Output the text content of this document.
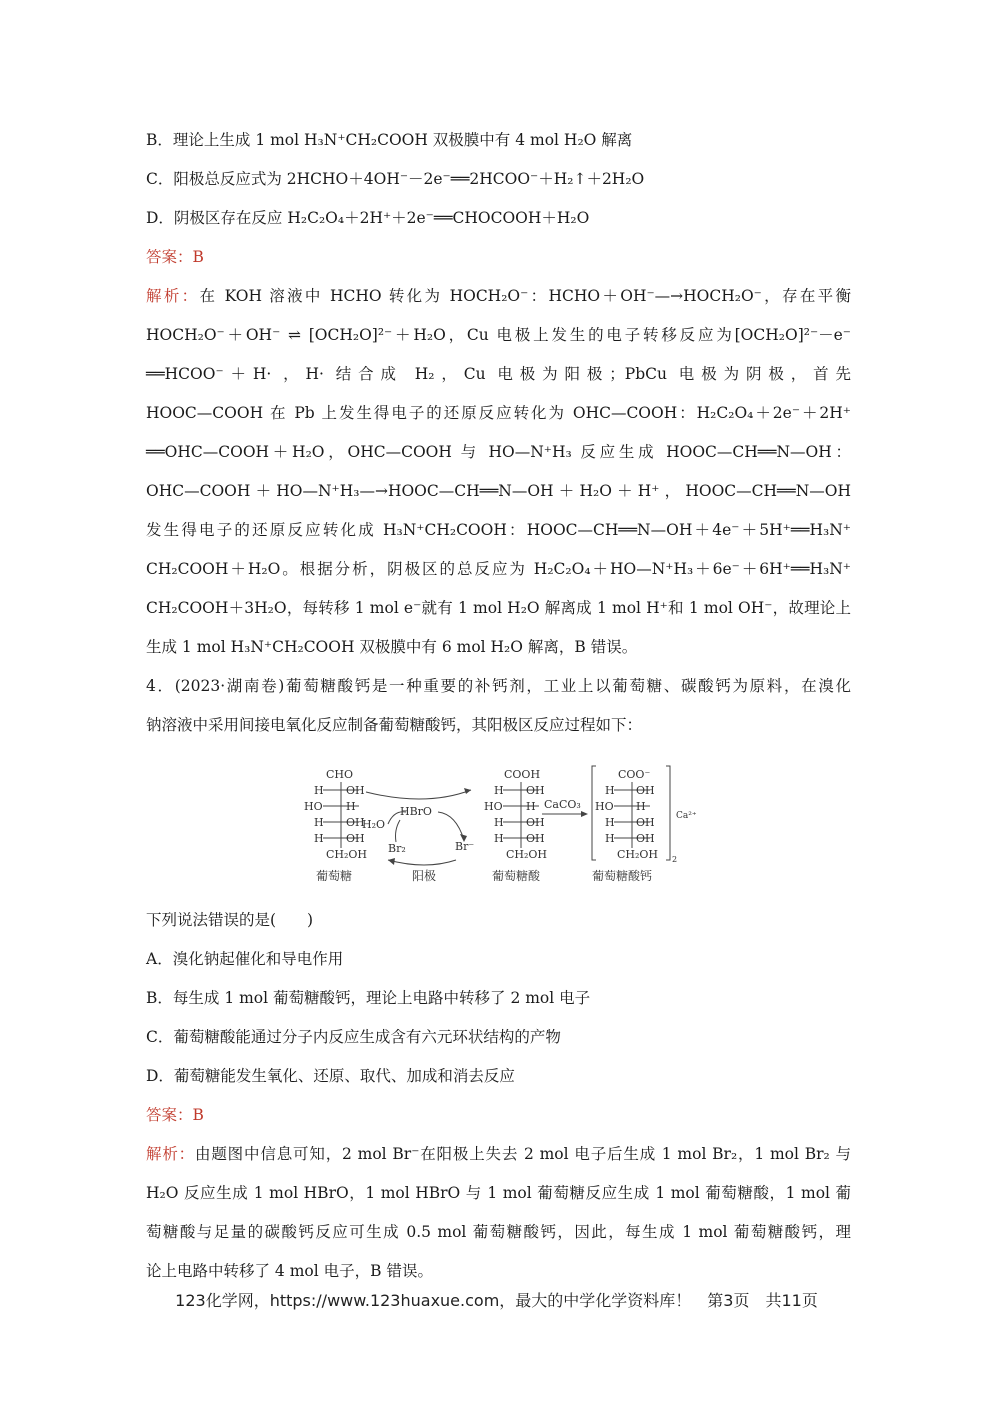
B．理论上生成 1 mol H₃N⁺CH₂COOH 双极膜中有 4 mol H₂O 解离
C．阳极总反应式为 2HCHO＋4OH⁻－2e⁻══2HCOO⁻＋H₂↑＋2H₂O
D．阴极区存在反应 H₂C₂O₄＋2H⁺＋2e⁻══CHOCOOH＋H₂O
答案：B
解析：在 KOH 溶液中 HCHO 转化为 HOCH₂O⁻：HCHO＋OH⁻—→HOCH₂O⁻，存在平衡
HOCH₂O⁻＋OH⁻ ⇌ [OCH₂O]²⁻＋H₂O，Cu 电极上发生的电子转移反应为[OCH₂O]²⁻－e⁻
══HCOO⁻＋H· ，H· 结合成 H₂，Cu 电极为阳极；PbCu 电极为阴极，首先
HOOC—COOH 在 Pb 上发生得电子的还原反应转化为 OHC—COOH：H₂C₂O₄＋2e⁻＋2H⁺
══OHC—COOH＋H₂O，OHC—COOH 与 HO—N⁺H₃ 反应生成 HOOC—CH══N—OH：
OHC—COOH＋HO—N⁺H₃—→HOOC—CH══N—OH＋H₂O＋H⁺，HOOC—CH══N—OH
发生得电子的还原反应转化成 H₃N⁺CH₂COOH：HOOC—CH══N—OH＋4e⁻＋5H⁺══H₃N⁺
CH₂COOH＋H₂O。根据分析，阴极区的总反应为 H₂C₂O₄＋HO—N⁺H₃＋6e⁻＋6H⁺══H₃N⁺
CH₂COOH＋3H₂O，每转移 1 mol e⁻就有 1 mol H₂O 解离成 1 mol H⁺和 1 mol OH⁻，故理论上
生成 1 mol H₃N⁺CH₂COOH 双极膜中有 6 mol H₂O 解离，B 错误。
4．(2023·湖南卷)葡萄糖酸钙是一种重要的补钙剂，工业上以葡萄糖、碳酸钙为原料，在溴化
钠溶液中采用间接电氧化反应制备葡萄糖酸钙，其阳极区反应过程如下：
CHO
H OH
HO H
H OH
H OH
CH₂OH
HBrO
H₂O
Br⁻
Br₂
COOH
H OH
HO H
H OH
H OH
CH₂OH
CaCO₃
COO⁻
H OH
HO H
H OH
H OH
CH₂OH 2
Ca²⁺
葡萄糖	阳极	葡萄糖酸	葡萄糖酸钙
下列说法错误的是(　　)
A．溴化钠起催化和导电作用
B．每生成 1 mol 葡萄糖酸钙，理论上电路中转移了 2 mol 电子
C．葡萄糖酸能通过分子内反应生成含有六元环状结构的产物
D．葡萄糖能发生氧化、还原、取代、加成和消去反应
答案：B
解析：由题图中信息可知，2 mol Br⁻在阳极上失去 2 mol 电子后生成 1 mol Br₂，1 mol Br₂ 与
H₂O 反应生成 1 mol HBrO，1 mol HBrO 与 1 mol 葡萄糖反应生成 1 mol 葡萄糖酸，1 mol 葡
萄糖酸与足量的碳酸钙反应可生成 0.5 mol 葡萄糖酸钙，因此，每生成 1 mol 葡萄糖酸钙，理
论上电路中转移了 4 mol 电子，B 错误。
123化学网，https://www.123huaxue.com，最大的中学化学资料库！　第3页　共11页
